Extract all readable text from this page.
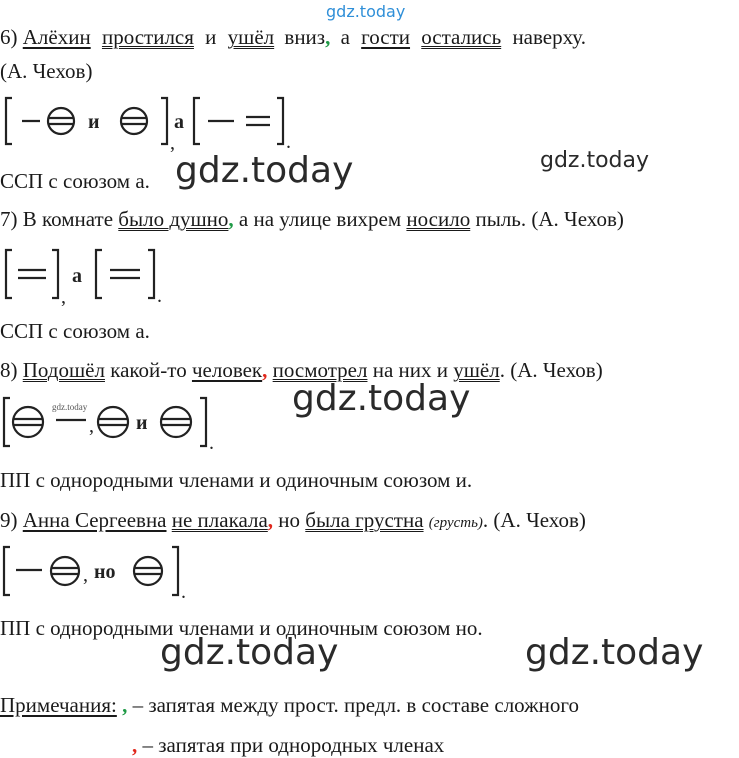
gdz.today
6) Алёхин простился и ушёл вниз, а гости остались наверху.
(А. Чехов)
и
,
а
.
ССП с союзом а. gdz.today	gdz.today
7) В комнате было душно, а на улице вихрем носило пыль. (А. Чехов)
,
а
.
ССП с союзом а.
8) Подошёл какой-то человек, посмотрел на них и ушёл. (А. Чехов)
gdz.today
, и
.
gdz.today
ПП с однородными членами и одиночным союзом и.
9) Анна Сергеевна не плакала, но была грустна (грусть). (А. Чехов)
, но
.
ПП с однородными членами и одиночным союзом но.
gdz.today	gdz.today
Примечания: , – запятая между прост. предл. в составе сложного
, – запятая при однородных членах
